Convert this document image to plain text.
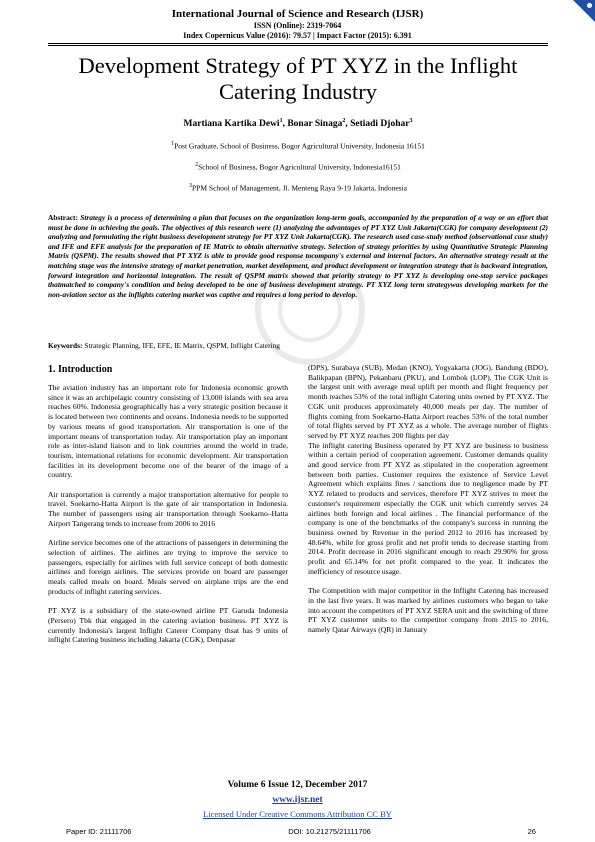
International Journal of Science and Research (IJSR)
ISSN (Online): 2319-7064
Index Copernicus Value (2016): 79.57 | Impact Factor (2015): 6.391
Development Strategy of PT XYZ in the Inflight Catering Industry
Martiana Kartika Dewi$^1$, Bonar Sinaga$^2$, Setiadi Djohar$^3$
$^1$Post Graduate, School of Business, Bogor Agricultural University, Indonesia 16151
$^2$School of Business, Bogor Agricultural University, Indonesia16151
$^3$PPM School of Management, Jl. Menteng Raya 9-19 Jakarta, Indonesia
Abstract: Strategy is a process of determining a plan that focuses on the organization long-term goals, accompanied by the preparation of a way or an effort that must be done in achieving the goals. The objectives of this research were (1) analyzing the advantages of PT XYZ Unit Jakarta(CGK) for company development (2) analyzing and formulating the right business development strategy for PT XYZ Unit Jakarta(CGK). The research used case-study method (observational case study) and IFE and EFE analysis for the preparation of IE Matrix to obtain alternative strategy. Selection of strategy priorities by using Quantitative Strategic Planning Matrix (QSPM). The results showed that PT XYZ is able to provide good response tocompany's external and internal factors. An alternative strategy result at the matching stage was the intensive strategy of market penetration, market development, and product development or integration strategy that is backward integration, forward integration and horizontal integration. The result of QSPM matrix showed that priority strategy to PT XYZ is developing one-stop service packages thatmatched to company's condition and being developed to be one of business development strategy. PT XYZ long term strategywas developing markets for the non-aviation sector as the inflights catering market was captive and requires a long period to develop.
Keywords: Strategic Planning, IFE, EFE, IE Matrix, QSPM, Inflight Catering
1. Introduction

The aviation industry has an important role for Indonesia economic growth since it was an archipelagic country consisting of 13,000 islands with sea area reaches 60%. Indonesia geographically has a very strategic position because it is located between two continents and oceans. Indonesia needs to be supported by various means of good transportation. Air transportation is one of the important means of transportation today. Air transportation play an important role as inter-island liaison and to link countries around the world in trade, tourism, international relations for economic development. Air transportation facilities in its development become one of the bearer of the image of a country.

Air transportation is currently a major transportation alternative for people to travel. Soekarno-Hatta Airport is the gate of air transportation in Indonesia. The number of passengers using air transportation through Soekarno–Hatta Airport Tangerang tends to increase from 2006 to 2016

Airline service becomes one of the attractions of passengers in determining the selection of airlines. The airlines are trying to improve the service to passengers, especially for airlines with full service concept of both domestic airlines and foreign airlines. The services provide on board are passenger meals called meals on board. Meals served on airplane trips are the end products of inflight catering services.

PT XYZ is a subsidiary of the state-owned airline PT Garuda Indonesia (Persero) Tbk that engaged in the catering aviation business. PT XYZ is currently Indonesia's largest Inflight Caterer Company thsat has 9 units of inflight Catering business including Jakarta (CGK), Denpasar

(DPS), Surabaya (SUB), Medan (KNO), Yogyakarta (JOG), Bandung (BDO), Balikpapan (BPN), Pekanbaru (PKU), and Lombok (LOP). The CGK Unit is the largest unit with average meal uplift per month and flight frequency per month reaches 53% of the total inflight Catering units owned by PT XYZ. The CGK unit produces approximately 40,000 meals per day. The number of flights coming from Soekarno-Hatta Airport reaches 53% of the total number of total flights served by PT XYZ as a whole. The average number of flights served by PT XYZ reaches 200 flights per day

The inflight catering Business operated by PT XYZ are business to business within a certain period of cooperation agreement. Customer demands quality and good service from PT XYZ as stipulated in the cooperation agreement between both parties. Customer requires the existence of Service Level Agreement which explains fines / sanctions due to negligence made by PT XYZ related to products and services, therefore PT XYZ strives to meet the customer's requirement especially the CGK unit which currently serves 24 airlines both foreign and local airlines . The financial performance of the company is one of the benchmarks of the company's success in running the business owned by Revenue in the period 2012 to 2016 has increased by 48.64%, while for gross profit and net profit tends to decrease starting from 2014. Profit decrease in 2016 significant enough to reach 29.90% for gross profit and 65.14% for net profit compared to the year. It indicates the inefficiency of resource usage.

The Competition with major competitor in the Inflight Catering has increased in the last five years. It was marked by airlines customers who began to take into account the competitors of PT XYZ SERA unit and the switching of three PT XYZ customer units to the competitor company from 2015 to 2016, namely Qatar Airways (QR) in January

Volume 6 Issue 12, December 2017
www.ijsr.net
Licensed Under Creative Commons Attribution CC BY
Paper ID: 21111706	DOI: 10.21275/21111706	26
